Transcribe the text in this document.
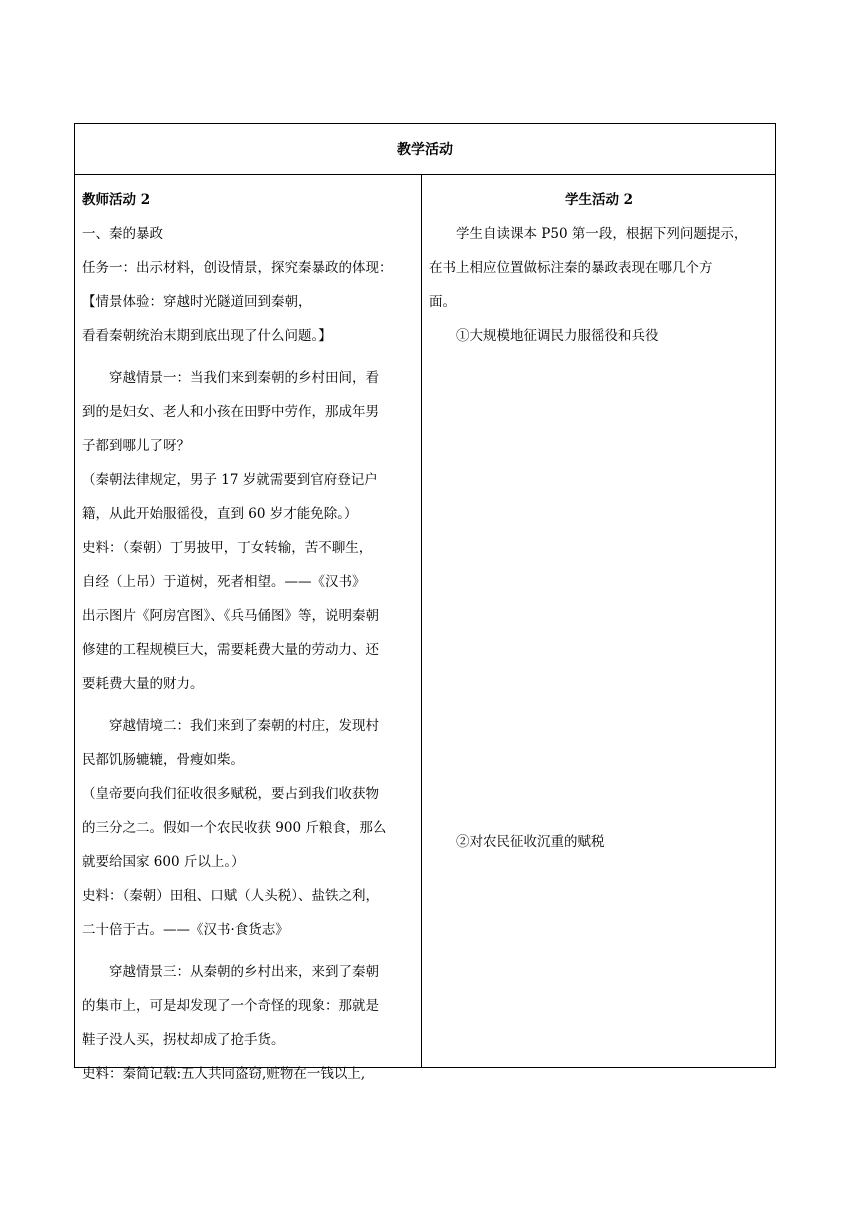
教学活动
教师活动 2
一、秦的暴政
任务一：出示材料，创设情景，探究秦暴政的体现：
【情景体验：穿越时光隧道回到秦朝，
看看秦朝统治末期到底出现了什么问题。】
穿越情景一：当我们来到秦朝的乡村田间，看
到的是妇女、老人和小孩在田野中劳作，那成年男
子都到哪儿了呀？
（秦朝法律规定，男子 17 岁就需要到官府登记户
籍，从此开始服徭役，直到 60 岁才能免除。）
史料：（秦朝）丁男披甲，丁女转输，苦不聊生，
自经（上吊）于道树，死者相望。——《汉书》
出示图片《阿房宫图》、《兵马俑图》等，说明秦朝
修建的工程规模巨大，需要耗费大量的劳动力、还
要耗费大量的财力。
穿越情境二：我们来到了秦朝的村庄，发现村
民都饥肠辘辘，骨瘦如柴。
（皇帝要向我们征收很多赋税，要占到我们收获物
的三分之二。假如一个农民收获 900 斤粮食，那么
就要给国家 600 斤以上。）
史料：（秦朝）田租、口赋（人头税）、盐铁之利，
二十倍于古。——《汉书·食货志》
穿越情景三：从秦朝的乡村出来，来到了秦朝
的集市上，可是却发现了一个奇怪的现象：那就是
鞋子没人买，拐杖却成了抢手货。
史料：秦简记载:五人共同盗窃,赃物在一钱以上,
学生活动 2
学生自读课本 P50 第一段，根据下列问题提示，
在书上相应位置做标注秦的暴政表现在哪几个方
面。
①大规模地征调民力服徭役和兵役
②对农民征收沉重的赋税
